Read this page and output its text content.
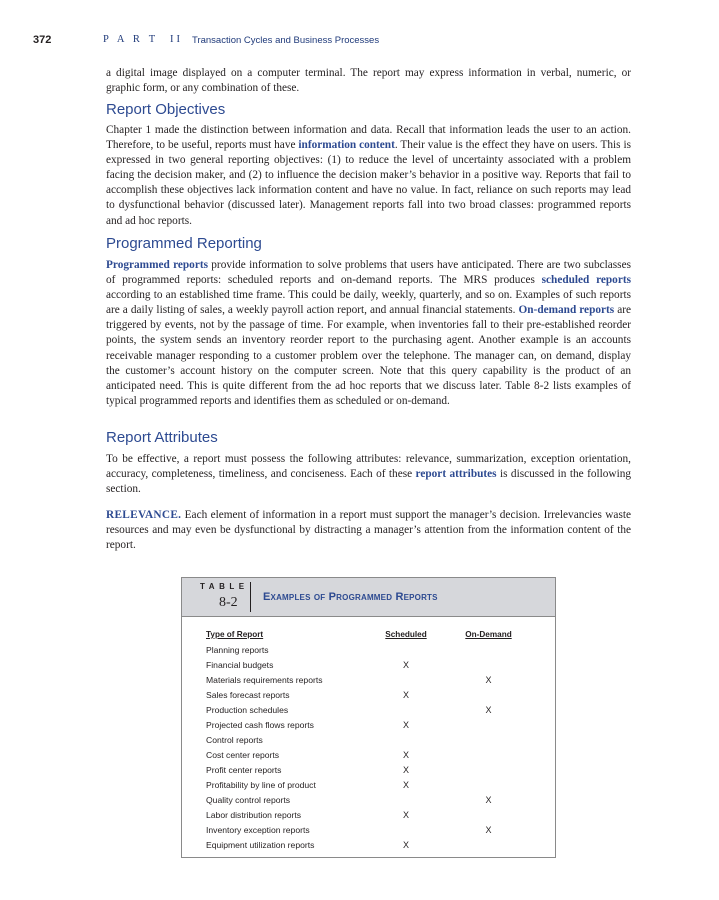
372	P A R T II Transaction Cycles and Business Processes

a digital image displayed on a computer terminal. The report may express information in verbal, numeric, or graphic form, or any combination of these.

Report Objectives

Chapter 1 made the distinction between information and data. Recall that information leads the user to an action. Therefore, to be useful, reports must have information content. Their value is the effect they have on users. This is expressed in two general reporting objectives: (1) to reduce the level of uncertainty associated with a problem facing the decision maker, and (2) to influence the decision maker’s behavior in a positive way. Reports that fail to accomplish these objectives lack information content and have no value. In fact, reliance on such reports may lead to dysfunctional behavior (discussed later). Management reports fall into two broad classes: programmed reports and ad hoc reports.

Programmed Reporting

Programmed reports provide information to solve problems that users have anticipated. There are two subclasses of programmed reports: scheduled reports and on-demand reports. The MRS produces scheduled reports according to an established time frame. This could be daily, weekly, quarterly, and so on. Examples of such reports are a daily listing of sales, a weekly payroll action report, and annual financial statements. On-demand reports are triggered by events, not by the passage of time. For example, when inventories fall to their pre-established reorder points, the system sends an inventory reorder report to the purchasing agent. Another example is an accounts receivable manager responding to a customer problem over the telephone. The manager can, on demand, display the customer’s account history on the computer screen. Note that this query capability is the product of an anticipated need. This is quite different from the ad hoc reports that we discuss later. Table 8-2 lists examples of typical programmed reports and identifies them as scheduled or on-demand.

Report Attributes

To be effective, a report must possess the following attributes: relevance, summarization, exception orientation, accuracy, completeness, timeliness, and conciseness. Each of these report attributes is discussed in the following section.

RELEVANCE. Each element of information in a report must support the manager’s decision. Irrelevancies waste resources and may even be dysfunctional by distracting a manager’s attention from the information content of the report.

TABLE
8-2 Examples of Programmed Reports
Type of Report	Scheduled	On-Demand
Planning reports		
Financial budgets	X	
Materials requirements reports		X
Sales forecast reports	X	
Production schedules		X
Projected cash flows reports	X	
Control reports		
Cost center reports	X	
Profit center reports	X	
Profitability by line of product	X	
Quality control reports		X
Labor distribution reports	X	
Inventory exception reports		X
Equipment utilization reports	X	
